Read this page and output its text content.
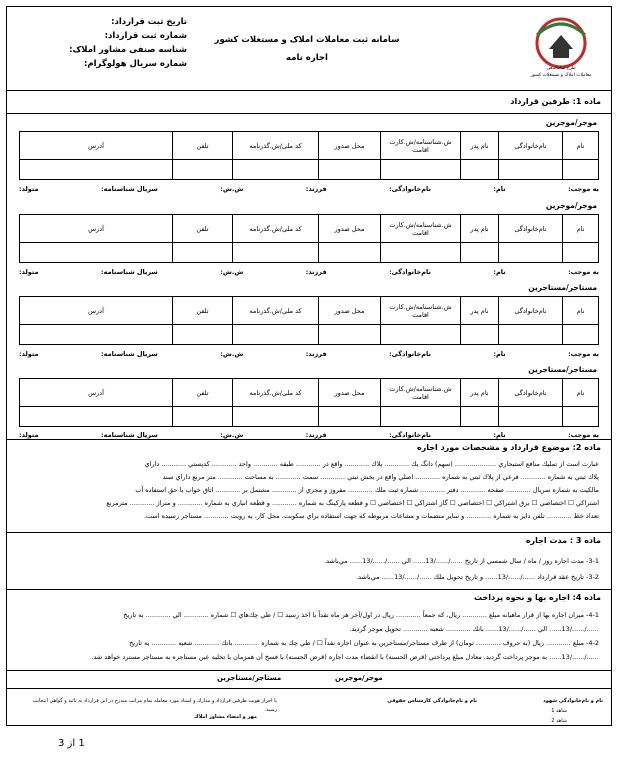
تاریخ ثبت قرارداد:
شماره ثبت قرارداد:
شناسه صنفی مشاور املاک:
شماره سریال هولوگرام:
سامانه ثبت معاملات املاک و مستغلات کشور
اجاره نامه
طرح ساماندهی
معاملات املاک و مستغلات کشور
ماده 1: طرفین قرارداد
موجر/موجرین
نام	نام‌خانوادگی	نام پدر	ش.شناسنامه/ش.کارت اقامت	محل صدور	کد ملی/ش.گذرنامه	تلفن	آدرس

به موجب:
نام:
نام‌خانوادگی:
فرزند:
ش.ش:
سریال شناسنامه:
متولد:
موجر/موجرین
نام	نام‌خانوادگی	نام پدر	ش.شناسنامه/ش.کارت اقامت	محل صدور	کد ملی/ش.گذرنامه	تلفن	آدرس

به موجب:
نام:
نام‌خانوادگی:
فرزند:
ش.ش:
سریال شناسنامه:
متولد:
مستاجر/مستاجرین
نام	نام‌خانوادگی	نام پدر	ش.شناسنامه/ش.کارت اقامت	محل صدور	کد ملی/ش.گذرنامه	تلفن	آدرس

به موجب:
نام:
نام‌خانوادگی:
فرزند:
ش.ش:
سریال شناسنامه:
متولد:
مستاجر/مستاجرین
نام	نام‌خانوادگی	نام پدر	ش.شناسنامه/ش.کارت اقامت	محل صدور	کد ملی/ش.گذرنامه	تلفن	آدرس

به موجب:
نام:
نام‌خانوادگی:
فرزند:
ش.ش:
سریال شناسنامه:
متولد:
ماده 2: موضوع قرارداد و مشخصات مورد اجاره
عبارت است از تمليك منافع استيجاري .................... (سهم) دانگ يك ............ پلاك ............ واقع در ............ طبقه ............ واحد ............ كدپستي ............ داراي
پلاك ثبتي به شماره ............ فرعي از پلاك ثبتي به شماره ............ اصلي واقع در بخش ثبتي ............ سمت ............ به مساحت ............ متر مربع داراي سند
مالكيت به شماره سريال ............ صفحه ............ دفتر ............ شماره ثبت ملك ............ مفروز و مجزي از ............ مشتمل بر ............ اتاق خواب با حق استفاده آب
اشتراكي ☐ اختصاصي ☐ برق اشتراكي ☐ اختصاصي ☐ گاز اشتراكي ☐ اختصاصي ☐ و قطعه پاركينگ به شماره ............ و قطعه انباري به شماره ............ و متراژ ............ مترمربع
تعداد خط ............ تلفن داير به شماره ............ و ساير منضمات و مشاعات مربوطه كه جهت استفاده براي سكونت، محل كار، به رويت ............ مستاجر رسيده است.
ماده 3 : مدت اجاره
3-1- مدت اجاره روز / ماه / سال شمسي از تاريخ ....../....../13...... الي ....../....../13...... مي‌باشد.
3-2- تاريخ عقد قرارداد ....../....../13...... و تاريخ تحويل ملك ....../....../13...... مي‌باشد.
ماده 4: اجاره بها و نحوه پرداخت
4-1- ميزان اجاره بها از قرار ماهيانه مبلغ ............ ريال، كه جمعاً ............ ريال در اول/آخر هر ماه نقداً با اخذ رسيد ☐ / طي چك‌هاي ☐ شماره ............ الي ............ به تاريخ
....../....../13...... الي ....../....../13...... بانك ............ شعبه ............ تحويل موجر گرديد.
4-2- مبلغ ............ ريال (به حروف ............ تومان) از طرف مستاجر/مستاجرين به عنوان اجاره نقداً ☐ / طي چك به شماره ............ بانك ............ شعبه ............ به تاريخ
....../....../13...... به موجر پرداخت گرديد. معادل مبلغ پرداختي (قرض الحسنه) با انقضاء مدت اجاره (قرض الحسنه) با فسخ آن همزمان با تخليه عين مستاجره به مستاجر مسترد خواهد شد.
موجر/موجرین
مستاجر/مستاجرین
با احراز هويت طرفين قرارداد و مدارك و اسناد مورد معامله تمام مراتب مندرج در اين قرارداد به تائيد و گواهي اينجانب رسيد.
مهر و امضاء مشاور املاك
نام و نام‌خانوادگي كارشناس حقوقي	نام و نام‌خانوادگي شهود
شاهد 1
شاهد 2
1 از 3
